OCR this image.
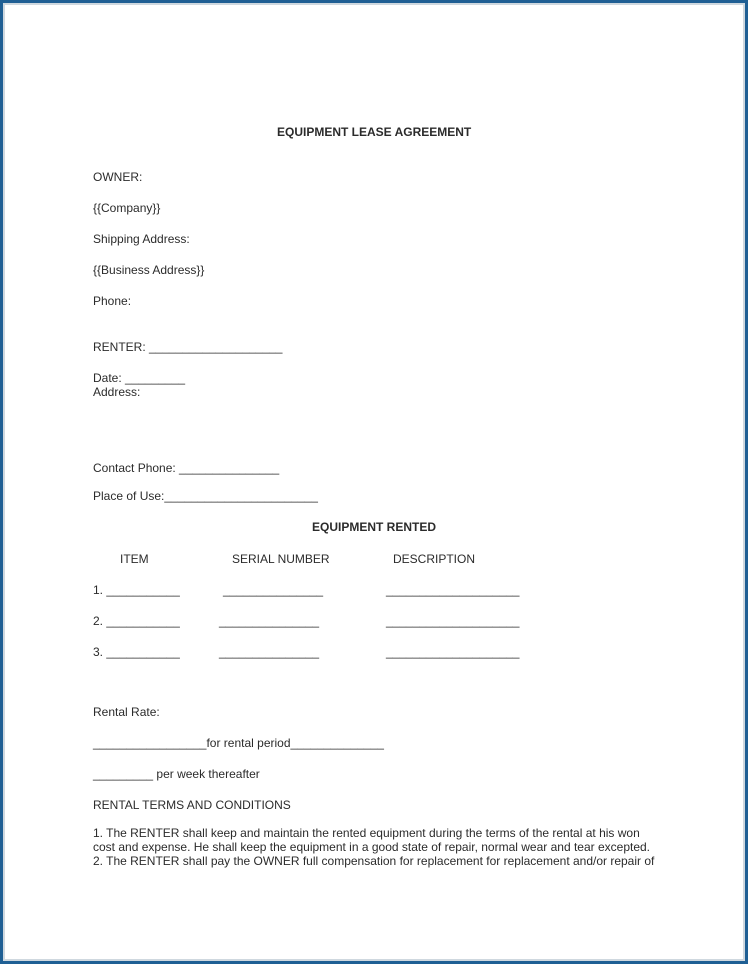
EQUIPMENT LEASE AGREEMENT
OWNER:
{{Company}}
Shipping Address:
{{Business Address}}
Phone:
RENTER: ____________________
Date: _________
Address:
Contact Phone: _______________
Place of Use:_______________________
EQUIPMENT RENTED
ITEM	SERIAL NUMBER	DESCRIPTION
1. ___________	_______________	____________________
2. ___________	_______________	____________________
3. ___________	_______________	____________________
Rental Rate:
_________________for rental period______________
_________ per week thereafter
RENTAL TERMS AND CONDITIONS
1. The RENTER shall keep and maintain the rented equipment during the terms of the rental at his won
cost and expense. He shall keep the equipment in a good state of repair, normal wear and tear excepted.
2. The RENTER shall pay the OWNER full compensation for replacement for replacement and/or repair of
